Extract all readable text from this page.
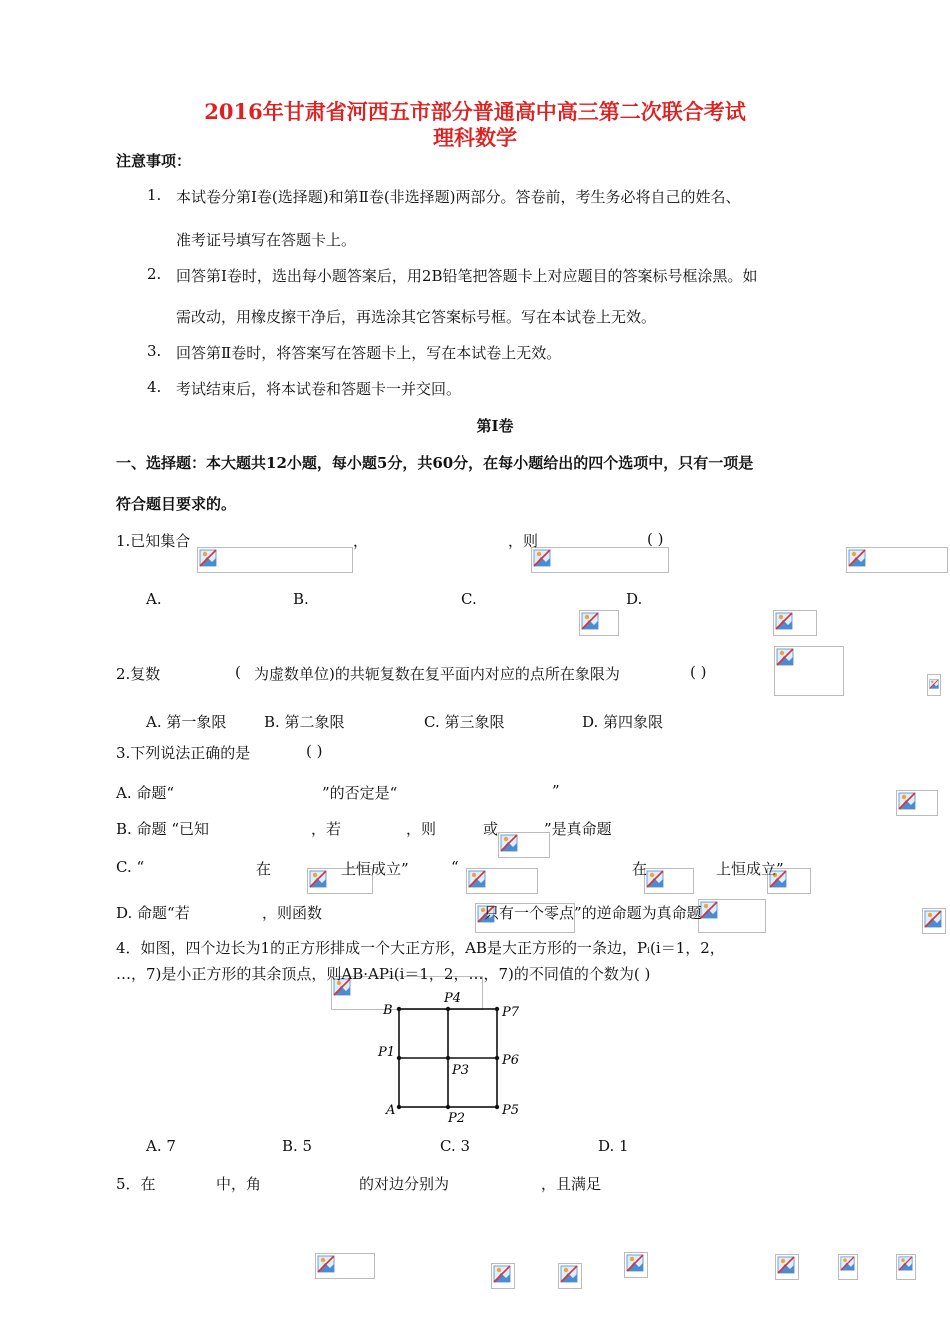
2016年甘肃省河西五市部分普通高中高三第二次联合考试
理科数学
注意事项：
1. 本试卷分第Ⅰ卷(选择题)和第Ⅱ卷(非选择题)两部分。答卷前，考生务必将自己的姓名、
准考证号填写在答题卡上。
2. 回答第Ⅰ卷时，选出每小题答案后，用2B铅笔把答题卡上对应题目的答案标号框涂黑。如
需改动，用橡皮擦干净后，再选涂其它答案标号框。写在本试卷上无效。
3. 回答第Ⅱ卷时，将答案写在答题卡上，写在本试卷上无效。
4. 考试结束后，将本试卷和答题卡一并交回。
第Ⅰ卷
一、选择题：本大题共12小题，每小题5分，共60分，在每小题给出的四个选项中，只有一项是
符合题目要求的。
1.已知集合
	，
	，则
	( )
A.
	B.
	C.
	D.

2.复数
	(
为虚数单位)的共轭复数在复平面内对应的点所在象限为	( )
A. 第一象限	B. 第二象限	C. 第三象限	D. 第四象限
3.下列说法正确的是	( )
A. 命题“

	”的否定是“

	”
B. 命题 “已知
	，若
	，则
	或
	”是真命题
C. “
	在
	上恒成立”
	“
	在
	上恒成立”
D. 命题“若
	，则函数
	只有一个零点”的逆命题为真命题
4．如图，四个边长为1的正方形排成一个大正方形，AB是大正方形的一条边，Pᵢ(i＝1，2，
…，7)是小正方形的其余顶点，则AB·APi(i＝1，2，…，7)的不同值的个数为( )
B
P4
P7
P1
P3
P6
A
P2
P5
A. 7	B. 5	C. 3	D. 1
5．在
	中，角

	的对边分别为

	，且满足
